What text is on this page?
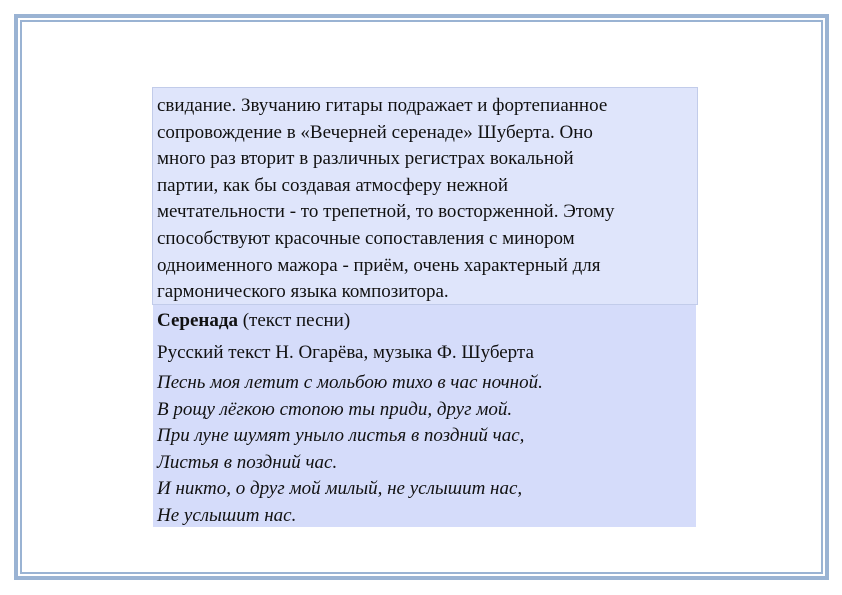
свидание. Звучанию гитары подражает и фортепианное
сопровождение в «Вечерней серенаде» Шуберта. Оно
много раз вторит в различных регистрах вокальной
партии, как бы создавая атмосферу нежной
мечтательности - то трепетной, то восторженной. Этому
способствуют красочные сопоставления с минором
одноименного мажора - приём, очень характерный для
гармонического языка композитора.
Серенада (текст песни)
Русский текст Н. Огарёва, музыка Ф. Шуберта
Песнь моя летит с мольбою тихо в час ночной.
В рощу лёгкою стопою ты приди, друг мой.
При луне шумят уныло листья в поздний час,
Листья в поздний час.
И никто, о друг мой милый, не услышит нас,
Не услышит нас.
